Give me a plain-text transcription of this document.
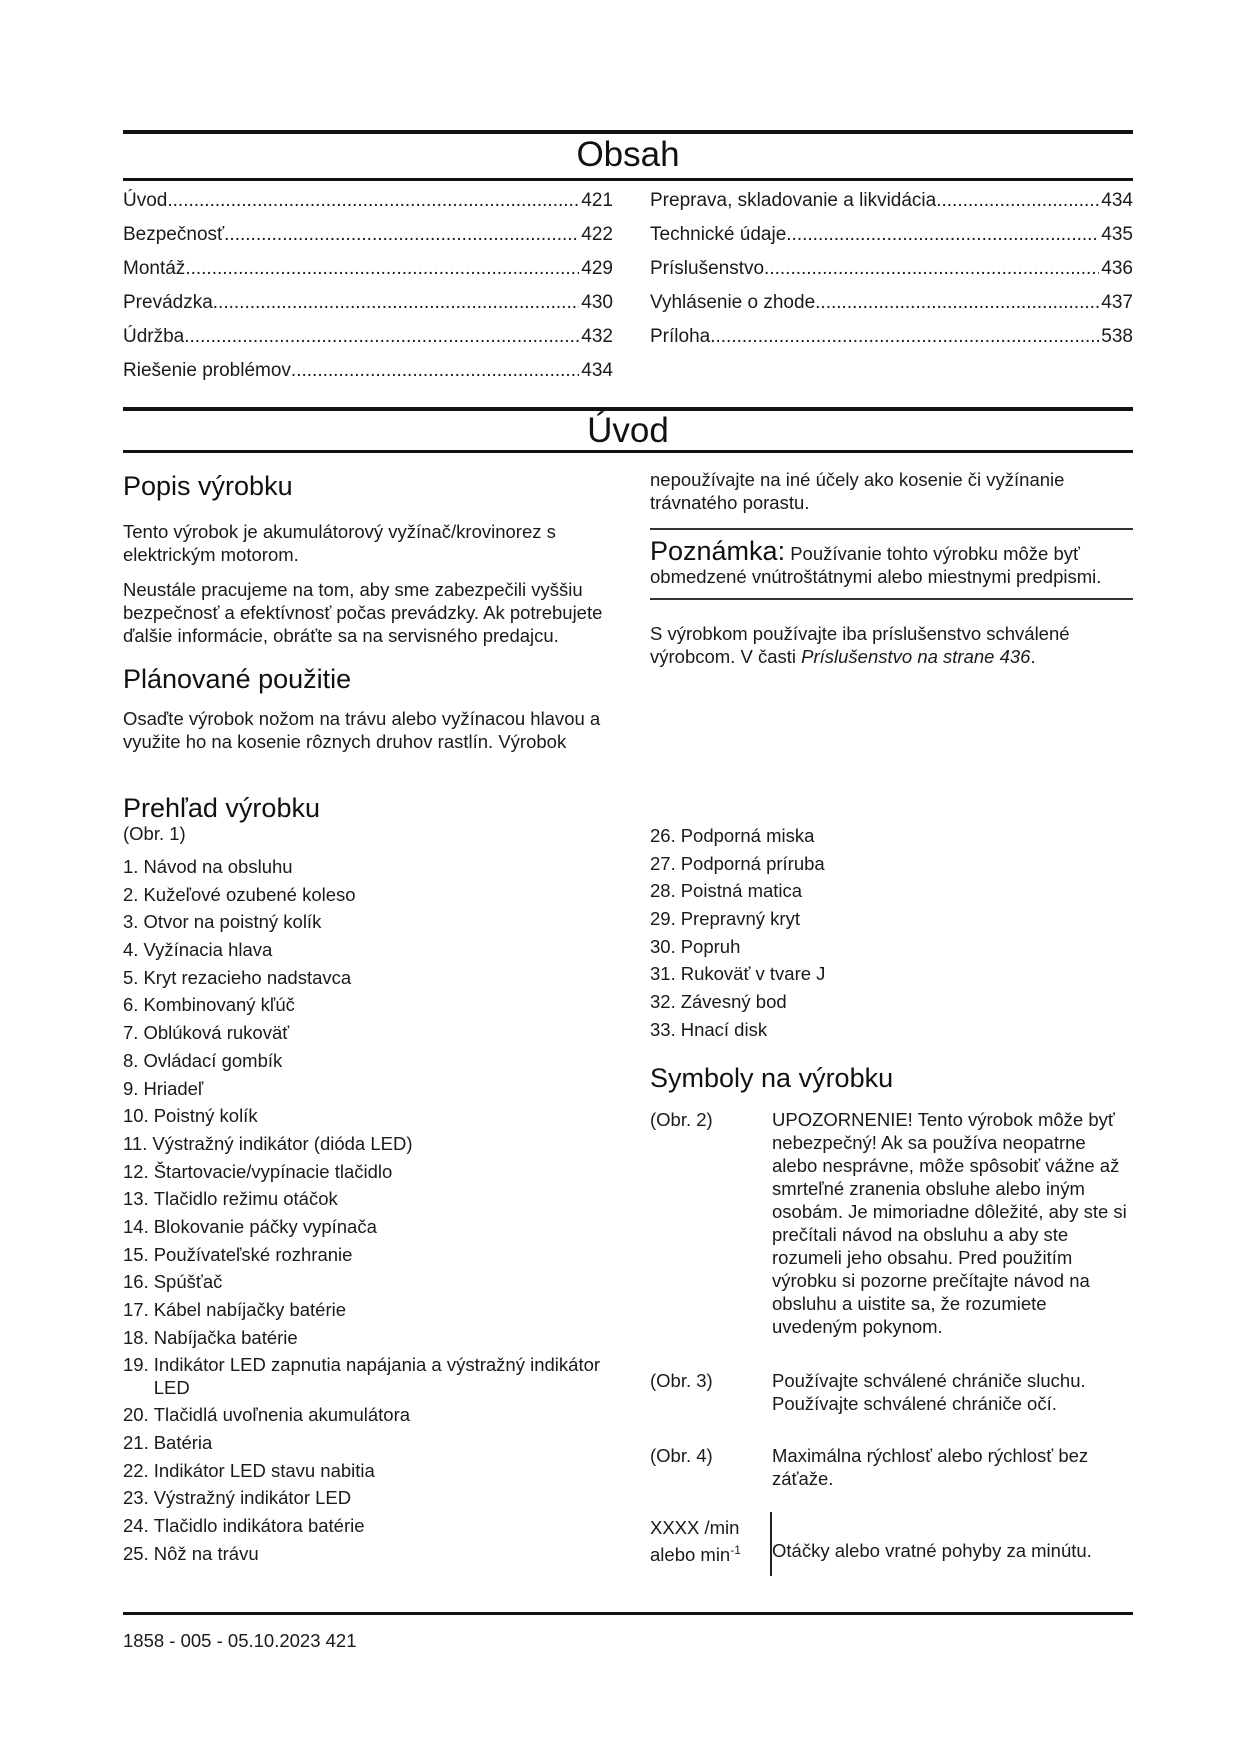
Obsah
Úvod .....	421
Bezpečnosť .....	422
Montáž .....	429
Prevádzka .....	430
Údržba .....	432
Riešenie problémov .....	434
Preprava, skladovanie a likvidácia .....	434
Technické údaje .....	435
Príslušenstvo .....	436
Vyhlásenie o zhode .....	437
Príloha .....	538
Úvod
Popis výrobku

Tento výrobok je akumulátorový vyžínač/krovinorez s elektrickým motorom.

Neustále pracujeme na tom, aby sme zabezpečili vyššiu bezpečnosť a efektívnosť počas prevádzky. Ak potrebujete ďalšie informácie, obráťte sa na servisného predajcu.

Plánované použitie

Osaďte výrobok nožom na trávu alebo vyžínacou hlavou a využite ho na kosenie rôznych druhov rastlín. Výrobok

nepoužívajte na iné účely ako kosenie či vyžínanie trávnatého porastu.

Poznámka: Používanie tohto výrobku môže byť obmedzené vnútroštátnymi alebo miestnymi predpismi.

S výrobkom používajte iba príslušenstvo schválené výrobcom. V časti Príslušenstvo na strane 436.

Prehľad výrobku

(Obr. 1)

1. Návod na obsluhu
2. Kužeľové ozubené koleso
3. Otvor na poistný kolík
4. Vyžínacia hlava
5. Kryt rezacieho nadstavca
6. Kombinovaný kľúč
7. Oblúková rukoväť
8. Ovládací gombík
9. Hriadeľ
10. Poistný kolík
11. Výstražný indikátor (dióda LED)
12. Štartovacie/vypínacie tlačidlo
13. Tlačidlo režimu otáčok
14. Blokovanie páčky vypínača
15. Používateľské rozhranie
16. Spúšťač
17. Kábel nabíjačky batérie
18. Nabíjačka batérie
19. Indikátor LED zapnutia napájania a výstražný indikátor LED
20. Tlačidlá uvoľnenia akumulátora
21. Batéria
22. Indikátor LED stavu nabitia
23. Výstražný indikátor LED
24. Tlačidlo indikátora batérie
25. Nôž na trávu
26. Podporná miska
27. Podporná príruba
28. Poistná matica
29. Prepravný kryt
30. Popruh
31. Rukoväť v tvare J
32. Závesný bod
33. Hnací disk
Symboly na výrobku
(Obr. 2)	UPOZORNENIE! Tento výrobok môže byť nebezpečný! Ak sa používa neopatrne alebo nesprávne, môže spôsobiť vážne až smrteľné zranenia obsluhe alebo iným osobám. Je mimoriadne dôležité, aby ste si prečítali návod na obsluhu a aby ste rozumeli jeho obsahu. Pred použitím výrobku si pozorne prečítajte návod na obsluhu a uistite sa, že rozumiete uvedeným pokynom.
(Obr. 3)	Používajte schválené chrániče sluchu. Používajte schválené chrániče očí.
(Obr. 4)	Maximálna rýchlosť alebo rýchlosť bez záťaže.
XXXX /min
alebo $\min^{-1}$	Otáčky alebo vratné pohyby za minútu.
1858 - 005 - 05.10.2023 421
